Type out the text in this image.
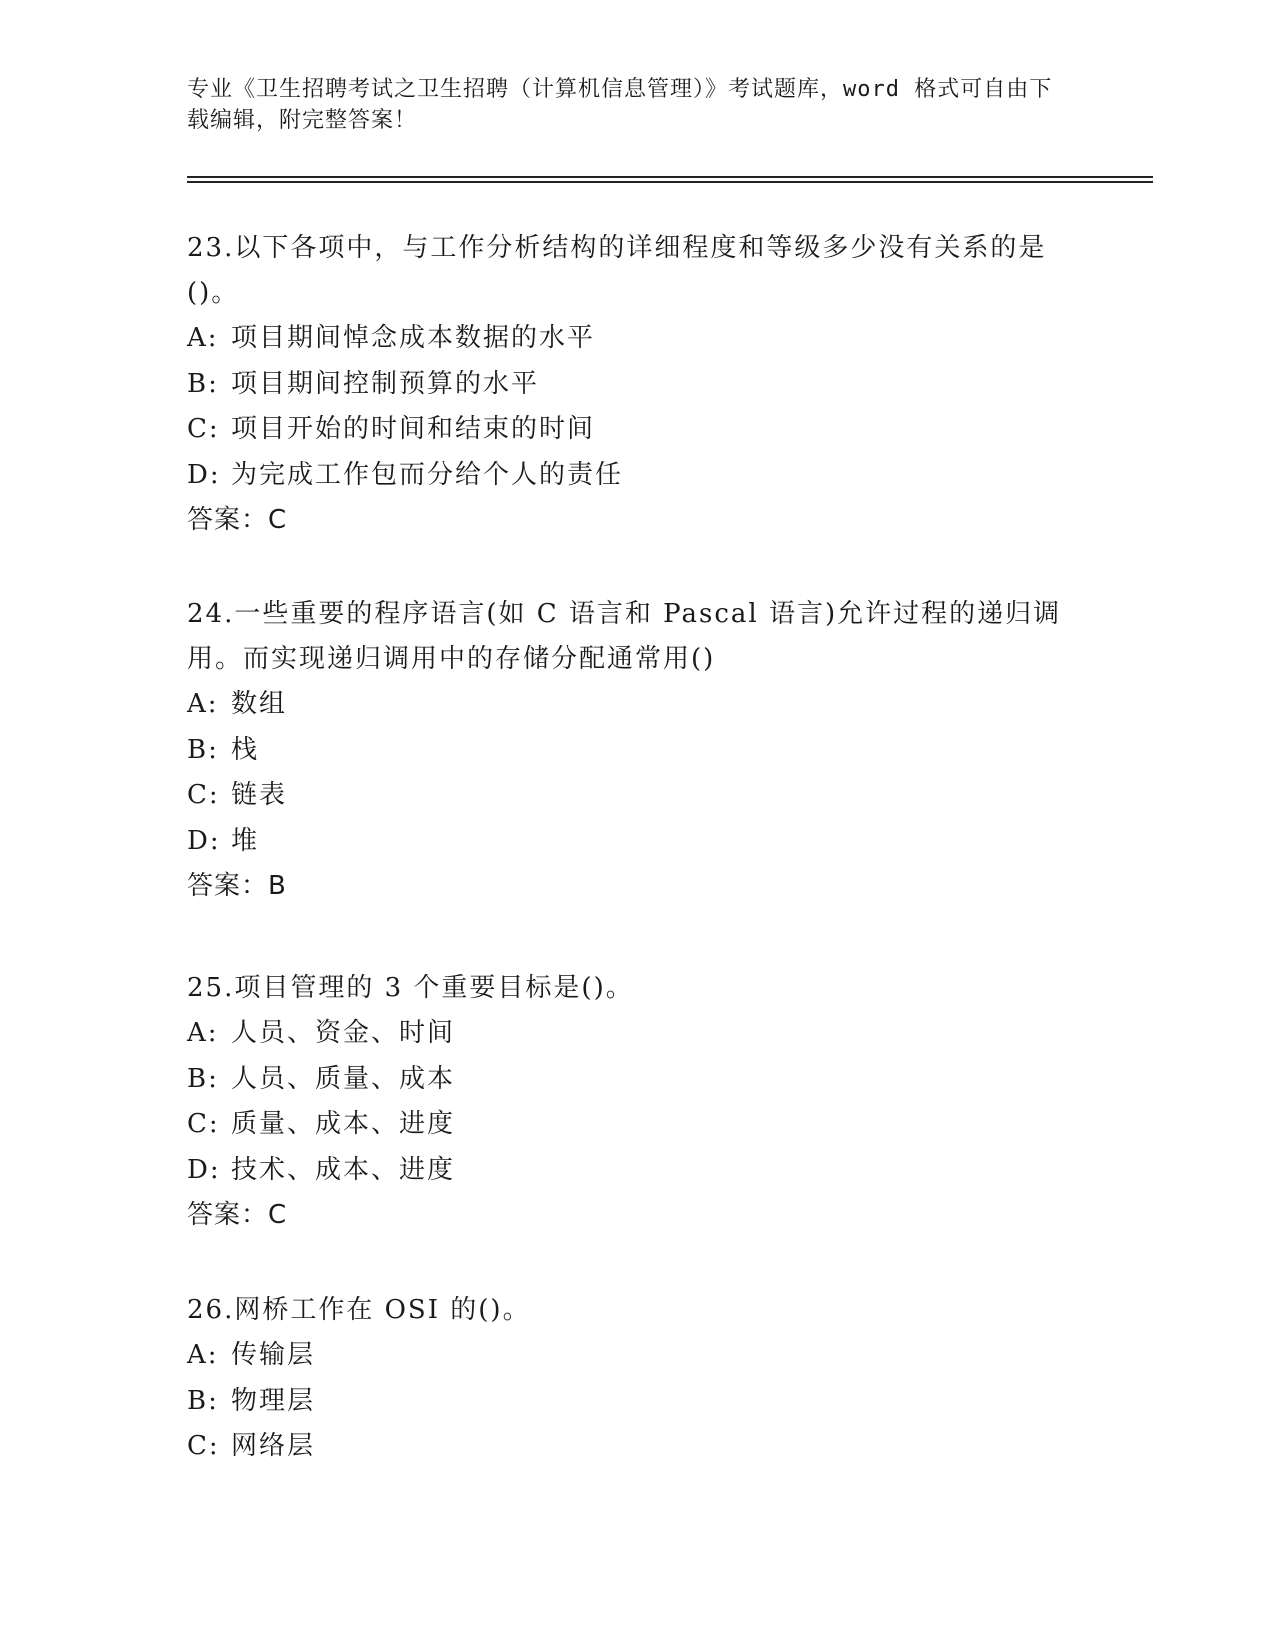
专业《卫生招聘考试之卫生招聘（计算机信息管理）》考试题库，word 格式可自由下载编辑，附完整答案！

23.以下各项中，与工作分析结构的详细程度和等级多少没有关系的是()。

A: 项目期间悼念成本数据的水平
B: 项目期间控制预算的水平
C: 项目开始的时间和结束的时间
D: 为完成工作包而分给个人的责任
答案：C

24.一些重要的程序语言(如 C 语言和 Pascal 语言)允许过程的递归调用。而实现递归调用中的存储分配通常用()

A: 数组
B: 栈
C: 链表
D: 堆
答案：B

25.项目管理的 3 个重要目标是()。

A: 人员、资金、时间
B: 人员、质量、成本
C: 质量、成本、进度
D: 技术、成本、进度
答案：C

26.网桥工作在 OSI 的()。

A: 传输层
B: 物理层
C: 网络层
